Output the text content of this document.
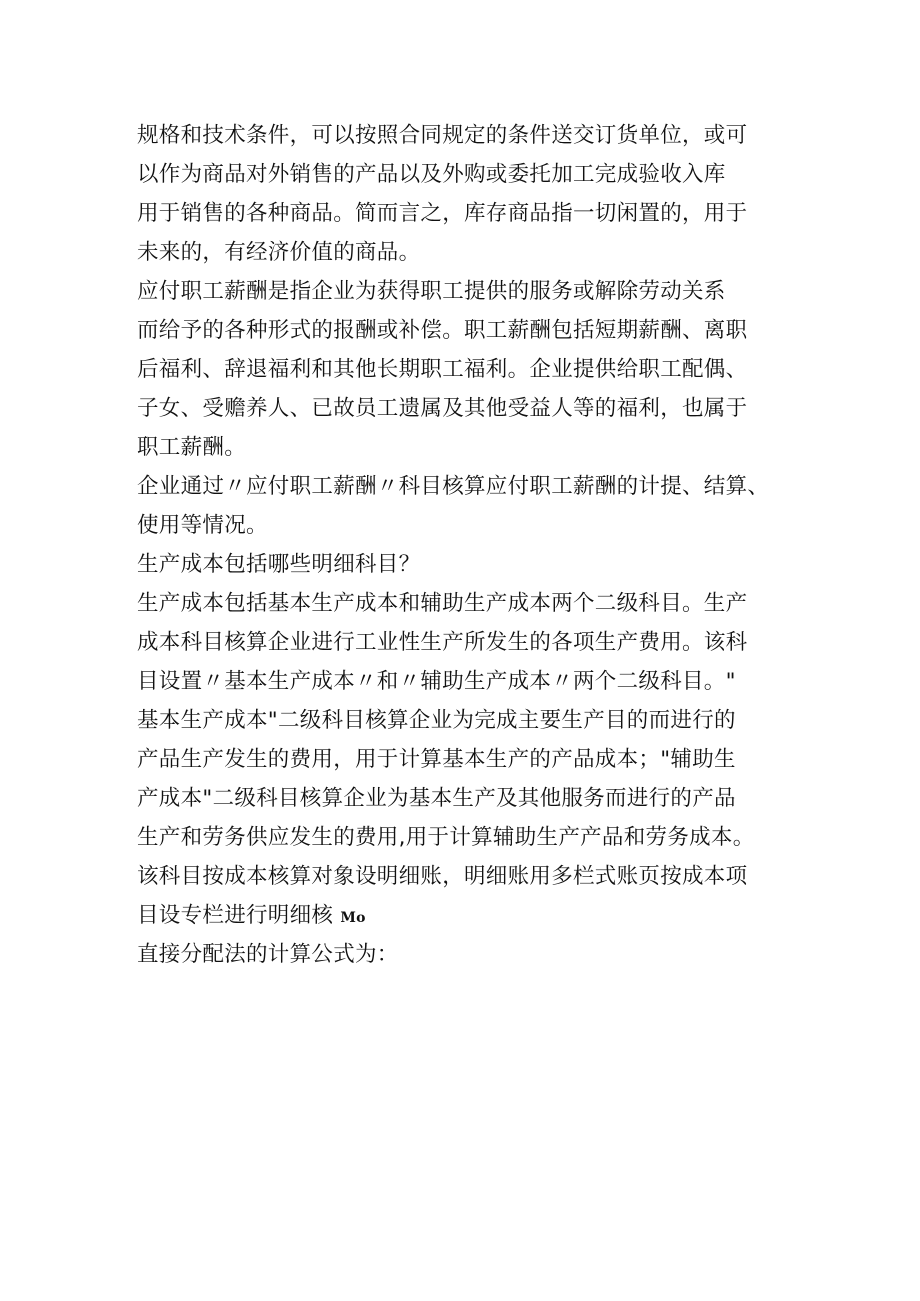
规格和技术条件，可以按照合同规定的条件送交订货单位，或可
以作为商品对外销售的产品以及外购或委托加工完成验收入库
用于销售的各种商品。简而言之，库存商品指一切闲置的，用于
未来的，有经济价值的商品。
应付职工薪酬是指企业为获得职工提供的服务或解除劳动关系
而给予的各种形式的报酬或补偿。职工薪酬包括短期薪酬、离职
后福利、辞退福利和其他长期职工福利。企业提供给职工配偶、
子女、受赡养人、已故员工遗属及其他受益人等的福利，也属于
职工薪酬。
企业通过〃应付职工薪酬〃科目核算应付职工薪酬的计提、结算、
使用等情况。
生产成本包括哪些明细科目？
生产成本包括基本生产成本和辅助生产成本两个二级科目。生产
成本科目核算企业进行工业性生产所发生的各项生产费用。该科
目设置〃基本生产成本〃和〃辅助生产成本〃两个二级科目。"
基本生产成本"二级科目核算企业为完成主要生产目的而进行的
产品生产发生的费用，用于计算基本生产的产品成本；"辅助生
产成本"二级科目核算企业为基本生产及其他服务而进行的产品
生产和劳务供应发生的费用,用于计算辅助生产产品和劳务成本。
该科目按成本核算对象设明细账，明细账用多栏式账页按成本项
目设专栏进行明细核 Mo
直接分配法的计算公式为：
